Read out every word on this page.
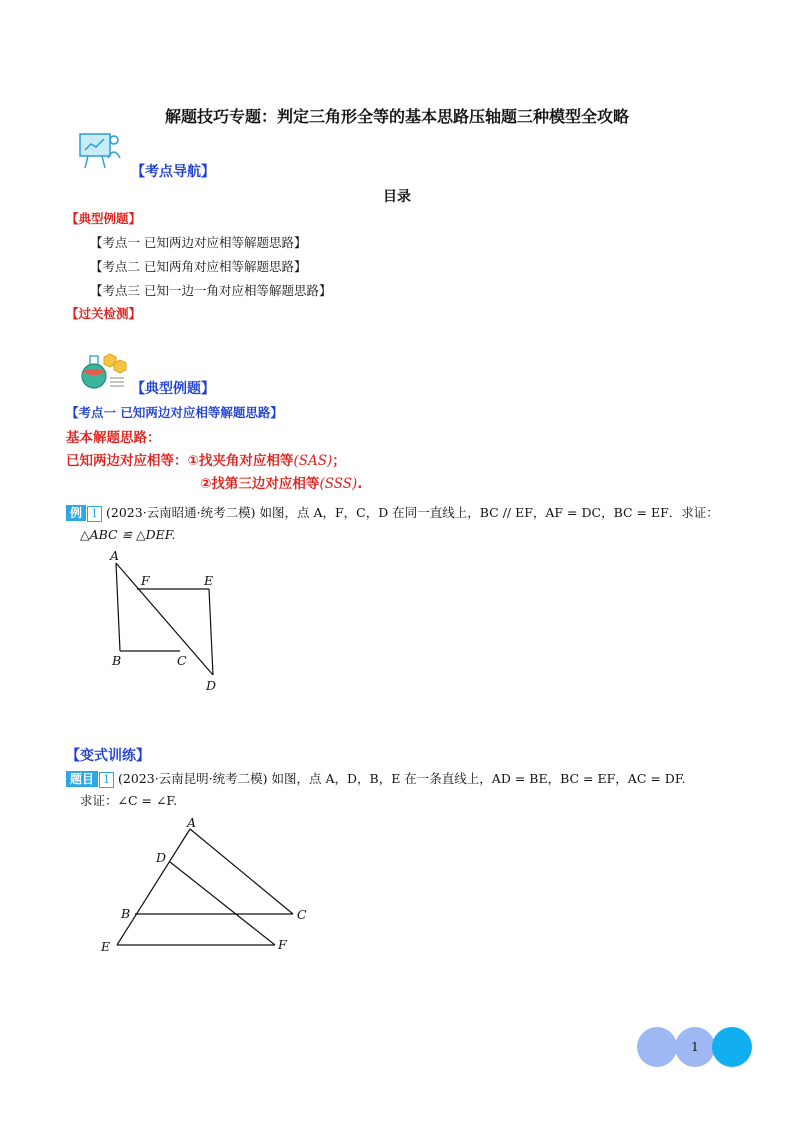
解题技巧专题：判定三角形全等的基本思路压轴题三种模型全攻略
【考点导航】
目录
【典型例题】
【考点一 已知两边对应相等解题思路】
【考点二 已知两角对应相等解题思路】
【考点三 已知一边一角对应相等解题思路】
【过关检测】
【典型例题】
【考点一 已知两边对应相等解题思路】
基本解题思路：
已知两边对应相等：①找夹角对应相等(SAS)；
②找第三边对应相等(SSS).
例 1 (2023·云南昭通·统考二模) 如图，点 A，F，C，D 在同一直线上，BC // EF，AF = DC，BC = EF．求证：
△ABC ≌ △DEF.
A
F	E
B	C
D
【变式训练】
题目 1 (2023·云南昆明·统考二模) 如图，点 A，D，B，E 在一条直线上，AD = BE，BC = EF，AC = DF.
求证：∠C = ∠F.
A
D
B	C
E	F
1
